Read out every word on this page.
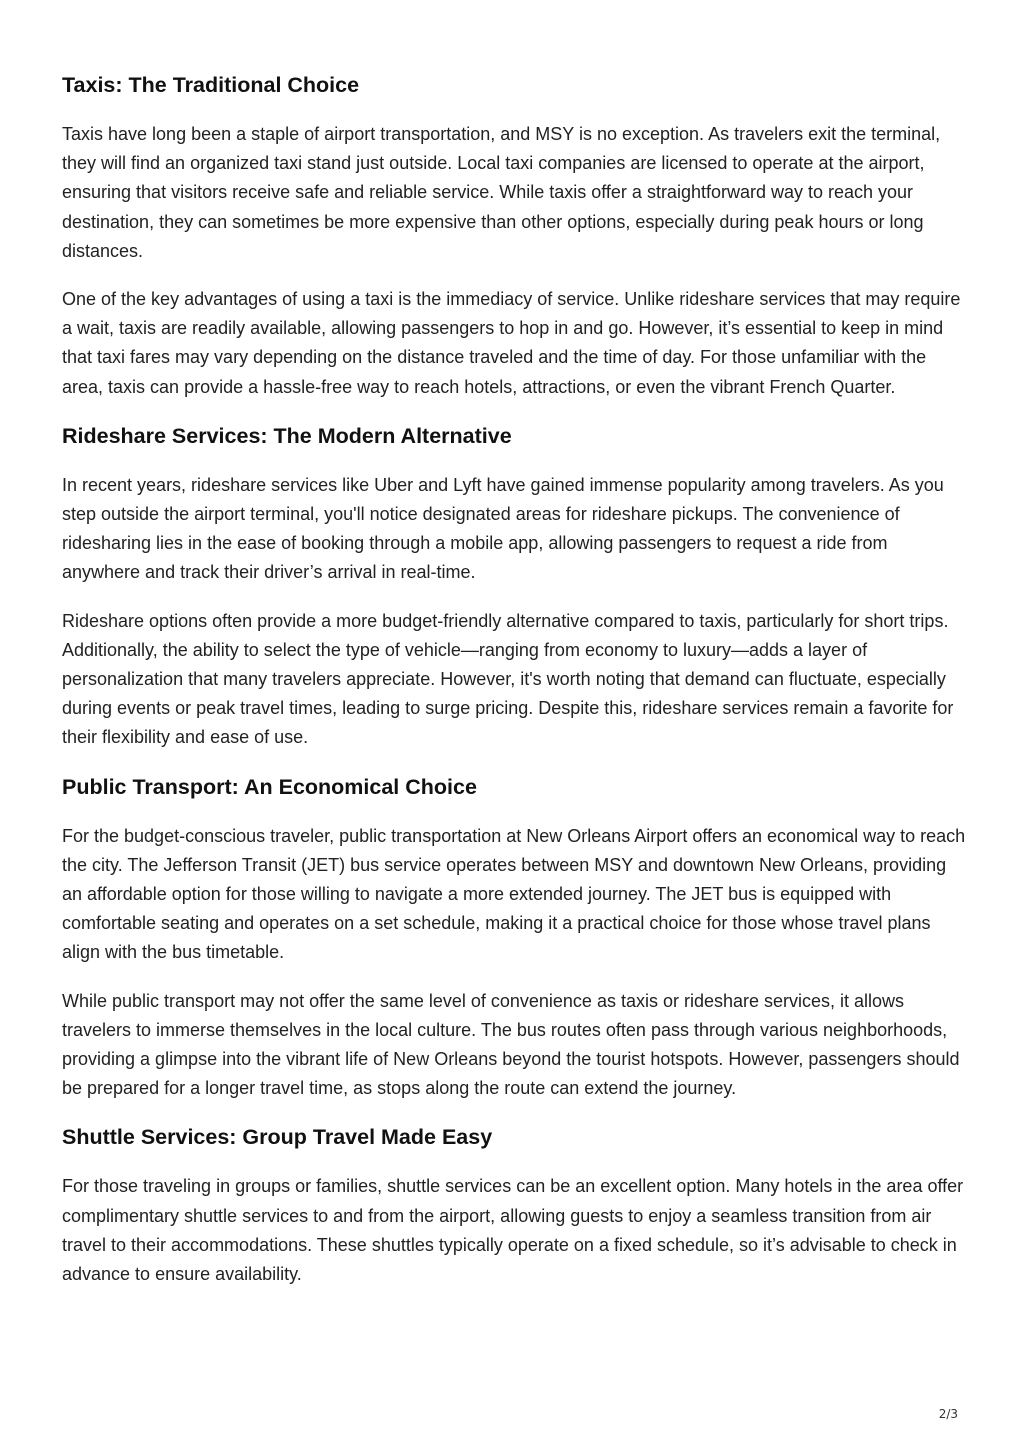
Taxis: The Traditional Choice

Taxis have long been a staple of airport transportation, and MSY is no exception. As travelers exit the terminal, they will find an organized taxi stand just outside. Local taxi companies are licensed to operate at the airport, ensuring that visitors receive safe and reliable service. While taxis offer a straightforward way to reach your destination, they can sometimes be more expensive than other options, especially during peak hours or long distances.

One of the key advantages of using a taxi is the immediacy of service. Unlike rideshare services that may require a wait, taxis are readily available, allowing passengers to hop in and go. However, it’s essential to keep in mind that taxi fares may vary depending on the distance traveled and the time of day. For those unfamiliar with the area, taxis can provide a hassle-free way to reach hotels, attractions, or even the vibrant French Quarter.

Rideshare Services: The Modern Alternative

In recent years, rideshare services like Uber and Lyft have gained immense popularity among travelers. As you step outside the airport terminal, you'll notice designated areas for rideshare pickups. The convenience of ridesharing lies in the ease of booking through a mobile app, allowing passengers to request a ride from anywhere and track their driver’s arrival in real-time.

Rideshare options often provide a more budget-friendly alternative compared to taxis, particularly for short trips. Additionally, the ability to select the type of vehicle—ranging from economy to luxury—adds a layer of personalization that many travelers appreciate. However, it's worth noting that demand can fluctuate, especially during events or peak travel times, leading to surge pricing. Despite this, rideshare services remain a favorite for their flexibility and ease of use.

Public Transport: An Economical Choice

For the budget-conscious traveler, public transportation at New Orleans Airport offers an economical way to reach the city. The Jefferson Transit (JET) bus service operates between MSY and downtown New Orleans, providing an affordable option for those willing to navigate a more extended journey. The JET bus is equipped with comfortable seating and operates on a set schedule, making it a practical choice for those whose travel plans align with the bus timetable.

While public transport may not offer the same level of convenience as taxis or rideshare services, it allows travelers to immerse themselves in the local culture. The bus routes often pass through various neighborhoods, providing a glimpse into the vibrant life of New Orleans beyond the tourist hotspots. However, passengers should be prepared for a longer travel time, as stops along the route can extend the journey.

Shuttle Services: Group Travel Made Easy

For those traveling in groups or families, shuttle services can be an excellent option. Many hotels in the area offer complimentary shuttle services to and from the airport, allowing guests to enjoy a seamless transition from air travel to their accommodations. These shuttles typically operate on a fixed schedule, so it’s advisable to check in advance to ensure availability.

2/3
